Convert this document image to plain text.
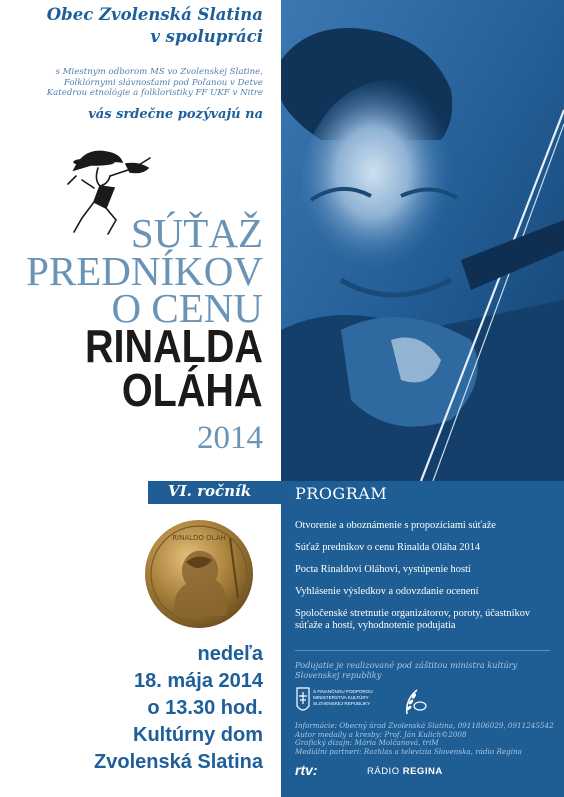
Obec Zvolenská Slatina
v spolupráci
s Miestnym odborom MS vo Zvolenskej Slatine,
Folklórnymi slávnosťami pod Poľanou v Detve
Katedrou etnológie a folkloristiky FF UKF v Nitre
vás srdečne pozývajú na
SÚŤAŽ
PREDNÍKOV
O CENU
RINALDA
OLÁHA
2014
VI. ročník
RINALDO OLÁH
nedeľa
18. mája 2014
o 13.30 hod.
Kultúrny dom
Zvolenská Slatina
PROGRAM
Otvorenie a oboznámenie s propozíciami súťaže
Súťaž predníkov o cenu Rinalda Oláha 2014
Pocta Rinaldovi Oláhovi, vystúpenie hostí
Vyhlásenie výsledkov a odovzdanie ocenení
Spoločenské stretnutie organizátorov, poroty, účastníkov súťaže a hostí, vyhodnotenie podujatia
Podujatie je realizované pod záštitou ministra kultúry Slovenskej republiky
S FINANČNOU PODPOROU
MINISTERSTVA KULTÚRY
SLOVENSKEJ REPUBLIKY
Informácie: Obecný úrad Zvolenská Slatina, 0911806029, 0911245542
Autor medaily a kresby: Prof. Ján Kulich©2008
Grafický dizajn: Mária Molčanová, triM
Mediálni partneri: Rozhlas a televízia Slovenska, rádio Regina
rtv:	RÁDIO REGINA
